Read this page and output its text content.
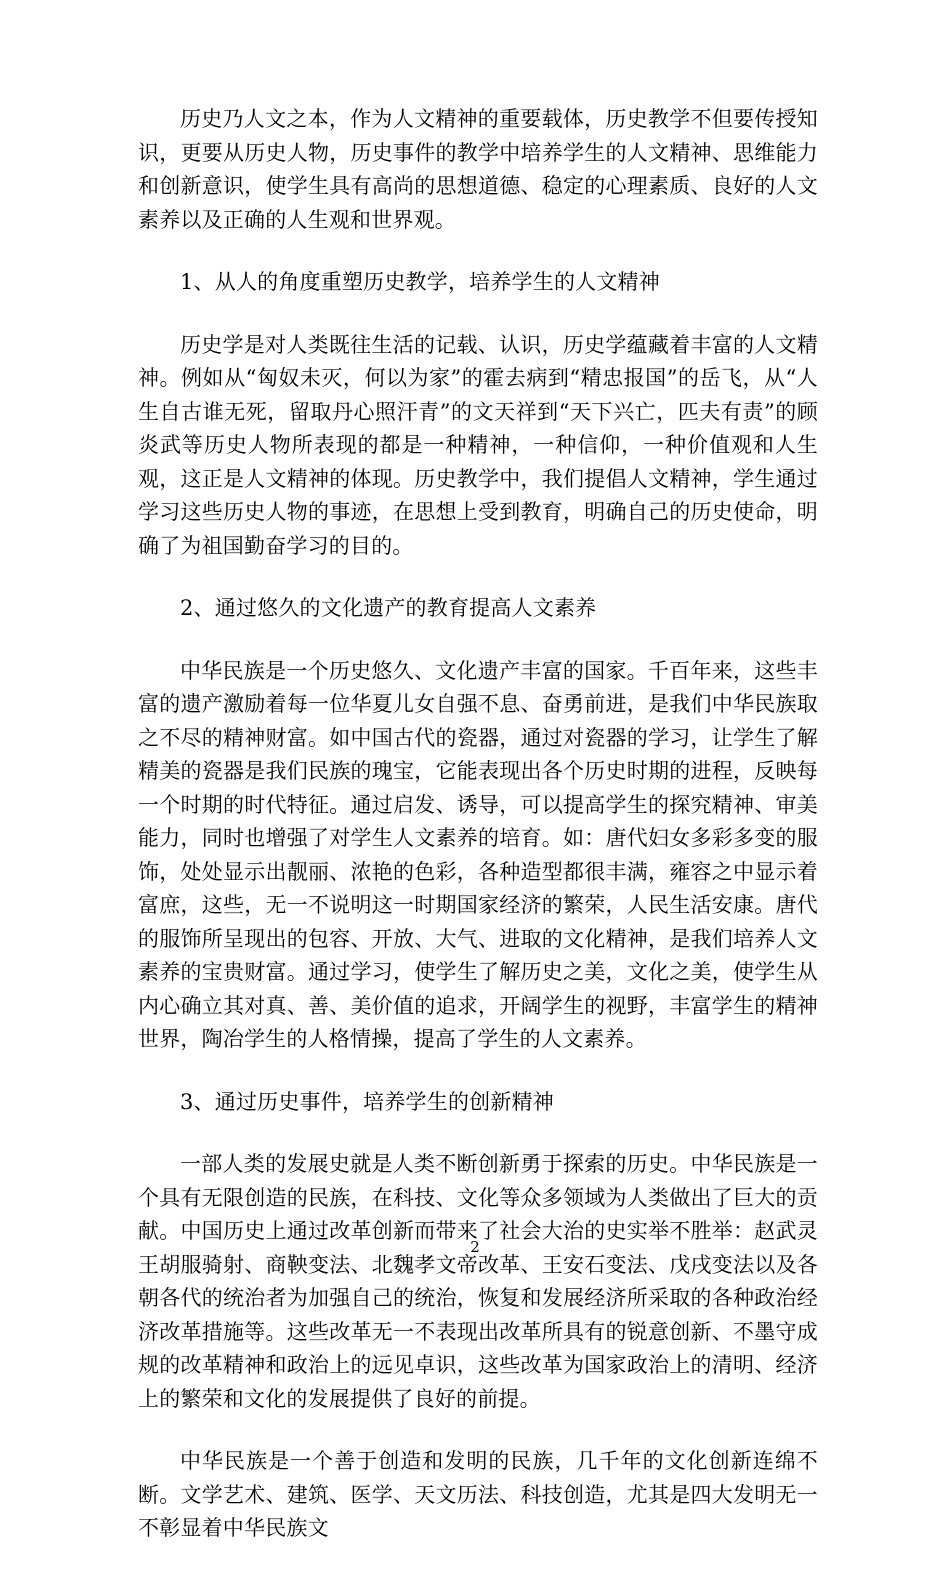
历史乃人文之本，作为人文精神的重要载体，历史教学不但要传授知识，更要从历史人物，历史事件的教学中培养学生的人文精神、思维能力和创新意识，使学生具有高尚的思想道德、稳定的心理素质、良好的人文素养以及正确的人生观和世界观。

1、从人的角度重塑历史教学，培养学生的人文精神

历史学是对人类既往生活的记载、认识，历史学蕴藏着丰富的人文精神。例如从“匈奴未灭，何以为家”的霍去病到“精忠报国”的岳飞，从“人生自古谁无死，留取丹心照汗青”的文天祥到“天下兴亡，匹夫有责”的顾炎武等历史人物所表现的都是一种精神，一种信仰，一种价值观和人生观，这正是人文精神的体现。历史教学中，我们提倡人文精神，学生通过学习这些历史人物的事迹，在思想上受到教育，明确自己的历史使命，明确了为祖国勤奋学习的目的。

2、通过悠久的文化遗产的教育提高人文素养

中华民族是一个历史悠久、文化遗产丰富的国家。千百年来，这些丰富的遗产激励着每一位华夏儿女自强不息、奋勇前进，是我们中华民族取之不尽的精神财富。如中国古代的瓷器，通过对瓷器的学习，让学生了解精美的瓷器是我们民族的瑰宝，它能表现出各个历史时期的进程，反映每一个时期的时代特征。通过启发、诱导，可以提高学生的探究精神、审美能力，同时也增强了对学生人文素养的培育。如：唐代妇女多彩多变的服饰，处处显示出靓丽、浓艳的色彩，各种造型都很丰满，雍容之中显示着富庶，这些，无一不说明这一时期国家经济的繁荣，人民生活安康。唐代的服饰所呈现出的包容、开放、大气、进取的文化精神，是我们培养人文素养的宝贵财富。通过学习，使学生了解历史之美，文化之美，使学生从内心确立其对真、善、美价值的追求，开阔学生的视野，丰富学生的精神世界，陶冶学生的人格情操，提高了学生的人文素养。

3、通过历史事件，培养学生的创新精神

一部人类的发展史就是人类不断创新勇于探索的历史。中华民族是一个具有无限创造的民族，在科技、文化等众多领域为人类做出了巨大的贡献。中国历史上通过改革创新而带来了社会大治的史实举不胜举：赵武灵王胡服骑射、商鞅变法、北魏孝文帝改革、王安石变法、戊戌变法以及各朝各代的统治者为加强自己的统治，恢复和发展经济所采取的各种政治经济改革措施等。这些改革无一不表现出改革所具有的锐意创新、不墨守成规的改革精神和政治上的远见卓识，这些改革为国家政治上的清明、经济上的繁荣和文化的发展提供了良好的前提。

中华民族是一个善于创造和发明的民族，几千年的文化创新连绵不断。文学艺术、建筑、医学、天文历法、科技创造，尤其是四大发明无一不彰显着中华民族文

2
